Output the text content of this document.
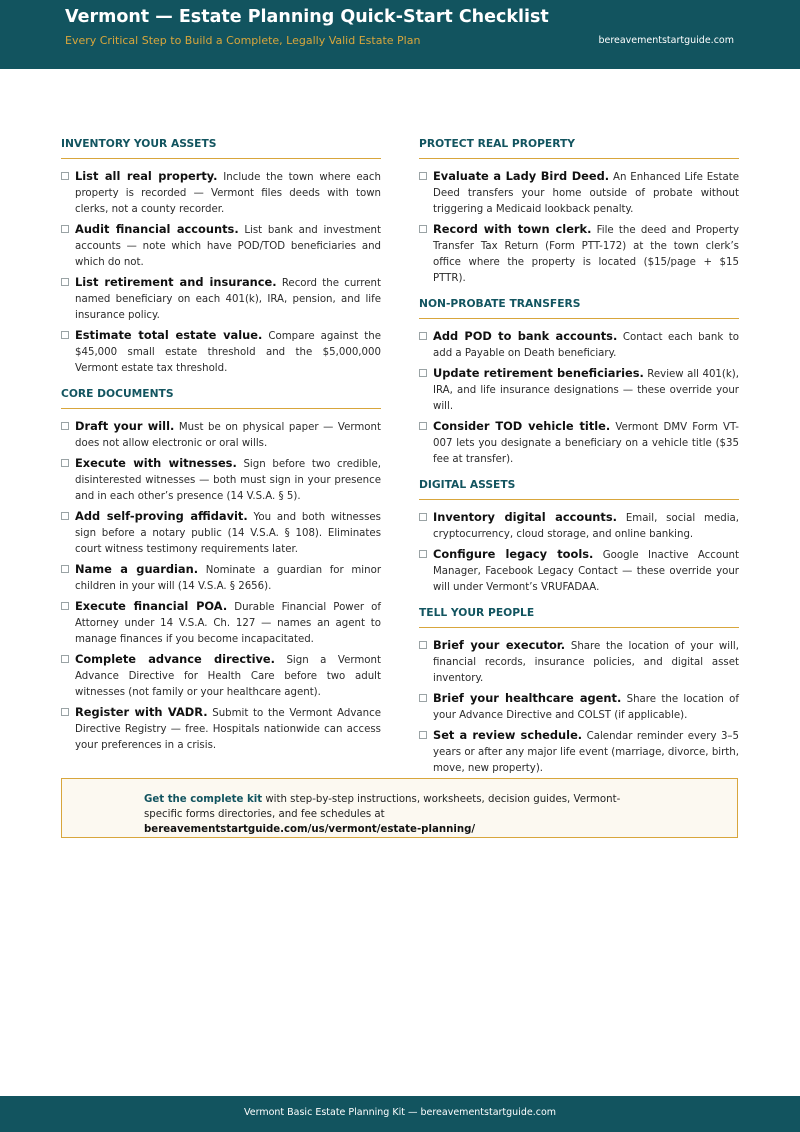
Vermont — Estate Planning Quick-Start Checklist
Every Critical Step to Build a Complete, Legally Valid Estate Plan	bereavementstartguide.com
INVENTORY YOUR ASSETS
List all real property. Include the town where each property is recorded — Vermont files deeds with town clerks, not a county recorder.
Audit financial accounts. List bank and investment accounts — note which have POD/TOD beneficiaries and which do not.
List retirement and insurance. Record the current named beneficiary on each 401(k), IRA, pension, and life insurance policy.
Estimate total estate value. Compare against the $45,000 small estate threshold and the $5,000,000 Vermont estate tax threshold.
CORE DOCUMENTS
Draft your will. Must be on physical paper — Vermont does not allow electronic or oral wills.
Execute with witnesses. Sign before two credible, disinterested witnesses — both must sign in your presence and in each other’s presence (14 V.S.A. § 5).
Add self-proving affidavit. You and both witnesses sign before a notary public (14 V.S.A. § 108). Eliminates court witness testimony requirements later.
Name a guardian. Nominate a guardian for minor children in your will (14 V.S.A. § 2656).
Execute financial POA. Durable Financial Power of Attorney under 14 V.S.A. Ch. 127 — names an agent to manage finances if you become incapacitated.
Complete advance directive. Sign a Vermont Advance Directive for Health Care before two adult witnesses (not family or your healthcare agent).
Register with VADR. Submit to the Vermont Advance Directive Registry — free. Hospitals nationwide can access your preferences in a crisis.
PROTECT REAL PROPERTY
Evaluate a Lady Bird Deed. An Enhanced Life Estate Deed transfers your home outside of probate without triggering a Medicaid lookback penalty.
Record with town clerk. File the deed and Property Transfer Tax Return (Form PTT-172) at the town clerk’s office where the property is located ($15/page + $15 PTTR).
NON-PROBATE TRANSFERS
Add POD to bank accounts. Contact each bank to add a Payable on Death beneficiary.
Update retirement beneficiaries. Review all 401(k), IRA, and life insurance designations — these override your will.
Consider TOD vehicle title. Vermont DMV Form VT-007 lets you designate a beneficiary on a vehicle title ($35 fee at transfer).
DIGITAL ASSETS
Inventory digital accounts. Email, social media, cryptocurrency, cloud storage, and online banking.
Configure legacy tools. Google Inactive Account Manager, Facebook Legacy Contact — these override your will under Vermont’s VRUFADAA.
TELL YOUR PEOPLE
Brief your executor. Share the location of your will, financial records, insurance policies, and digital asset inventory.
Brief your healthcare agent. Share the location of your Advance Directive and COLST (if applicable).
Set a review schedule. Calendar reminder every 3–5 years or after any major life event (marriage, divorce, birth, move, new property).
Get the complete kit with step-by-step instructions, worksheets, decision guides, Vermont-specific forms directories, and fee schedules at bereavementstartguide.com/us/vermont/estate-planning/
Vermont Basic Estate Planning Kit — bereavementstartguide.com
